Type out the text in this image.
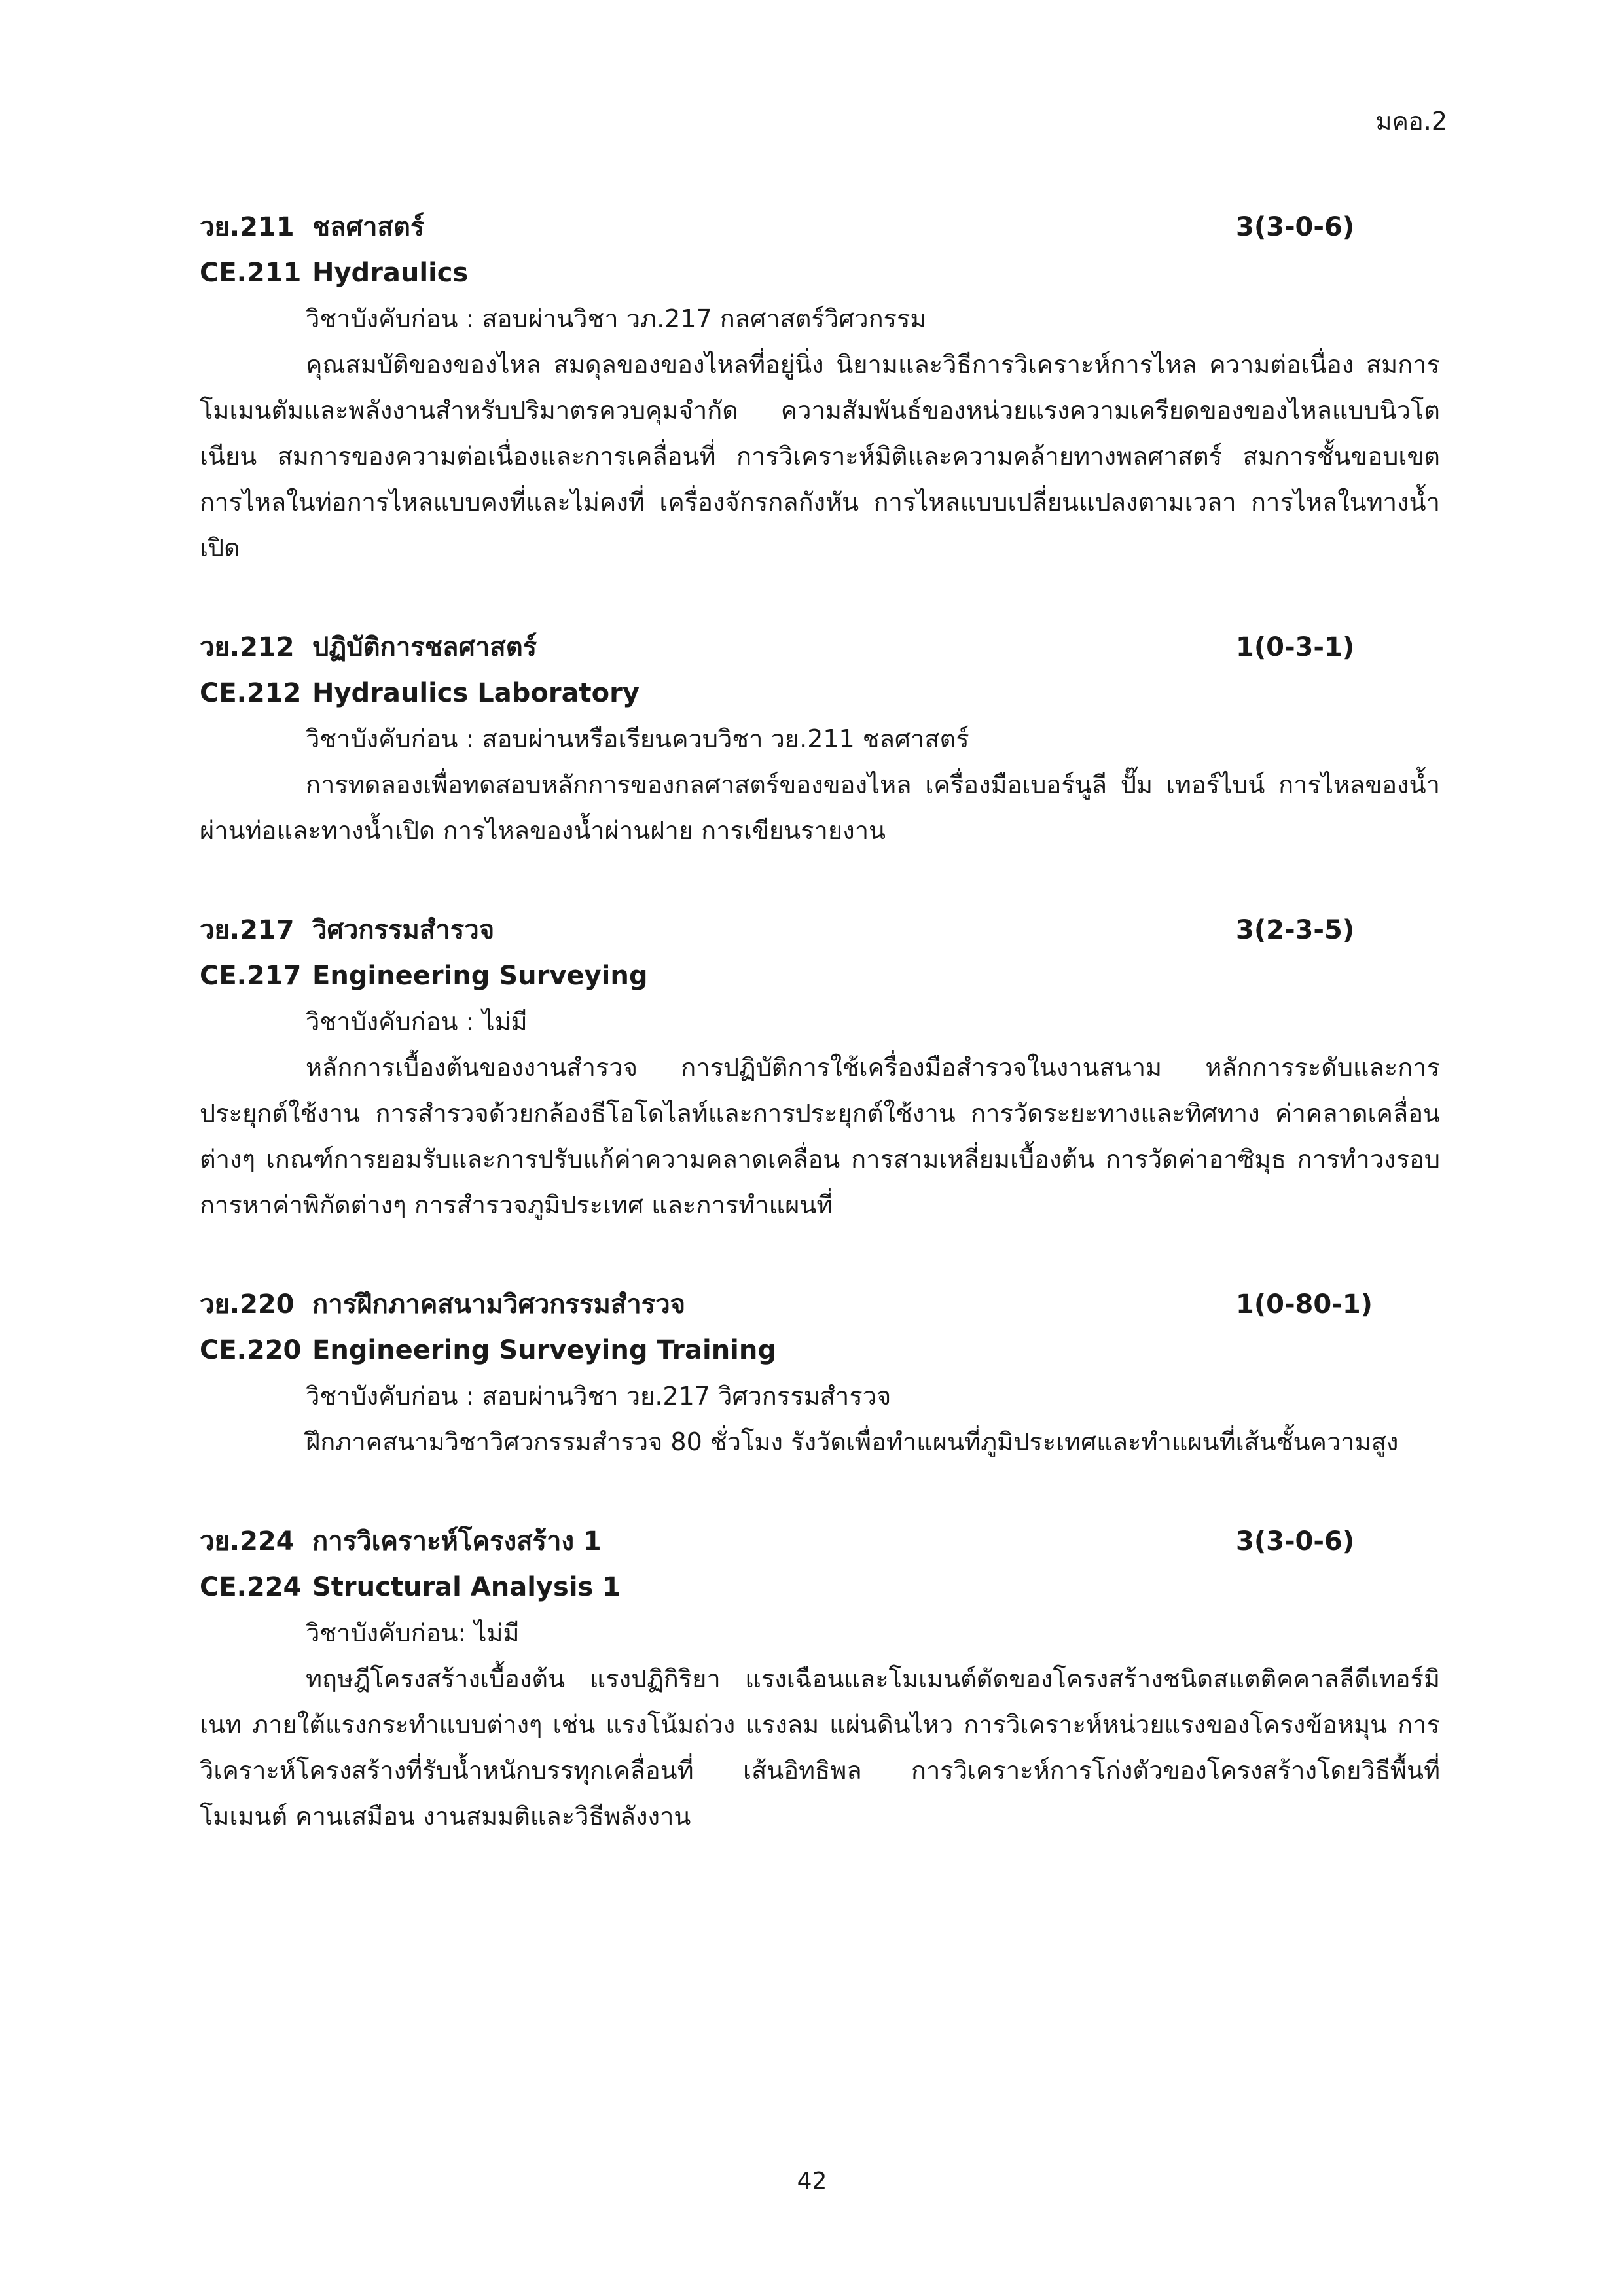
มคอ.2
วย.211 ชลศาสตร์	3(3-0-6)
CE.211 Hydraulics
วิชาบังคับก่อน : สอบผ่านวิชา วภ.217 กลศาสตร์วิศวกรรม
คุณสมบัติของของไหล สมดุลของของไหลที่อยู่นิ่ง นิยามและวิธีการวิเคราะห์การไหล ความต่อเนื่อง สมการโมเมนตัมและพลังงานสำหรับปริมาตรควบคุมจำกัด ความสัมพันธ์ของหน่วยแรงความเครียดของของไหลแบบนิวโตเนียน สมการของความต่อเนื่องและการเคลื่อนที่ การวิเคราะห์มิติและความคล้ายทางพลศาสตร์ สมการชั้นขอบเขต การไหลในท่อการไหลแบบคงที่และไม่คงที่ เครื่องจักรกลกังหัน การไหลแบบเปลี่ยนแปลงตามเวลา การไหลในทางน้ำเปิด
วย.212 ปฏิบัติการชลศาสตร์	1(0-3-1)
CE.212 Hydraulics Laboratory
วิชาบังคับก่อน : สอบผ่านหรือเรียนควบวิชา วย.211 ชลศาสตร์
การทดลองเพื่อทดสอบหลักการของกลศาสตร์ของของไหล เครื่องมือเบอร์นูลี ปั๊ม เทอร์ไบน์ การไหลของน้ำผ่านท่อและทางน้ำเปิด การไหลของน้ำผ่านฝาย การเขียนรายงาน
วย.217 วิศวกรรมสำรวจ	3(2-3-5)
CE.217 Engineering Surveying
วิชาบังคับก่อน : ไม่มี
หลักการเบื้องต้นของงานสำรวจ การปฏิบัติการใช้เครื่องมือสำรวจในงานสนาม หลักการระดับและการประยุกต์ใช้งาน การสำรวจด้วยกล้องธีโอโดไลท์และการประยุกต์ใช้งาน การวัดระยะทางและทิศทาง ค่าคลาดเคลื่อนต่างๆ เกณฑ์การยอมรับและการปรับแก้ค่าความคลาดเคลื่อน การสามเหลี่ยมเบื้องต้น การวัดค่าอาซิมุธ การทำวงรอบ การหาค่าพิกัดต่างๆ การสำรวจภูมิประเทศ และการทำแผนที่
วย.220 การฝึกภาคสนามวิศวกรรมสำรวจ	1(0-80-1)
CE.220 Engineering Surveying Training
วิชาบังคับก่อน : สอบผ่านวิชา วย.217 วิศวกรรมสำรวจ
ฝึกภาคสนามวิชาวิศวกรรมสำรวจ 80 ชั่วโมง รังวัดเพื่อทำแผนที่ภูมิประเทศและทำแผนที่เส้นชั้นความสูง
วย.224 การวิเคราะห์โครงสร้าง 1	3(3-0-6)
CE.224 Structural Analysis 1
วิชาบังคับก่อน: ไม่มี
ทฤษฎีโครงสร้างเบื้องต้น แรงปฏิกิริยา แรงเฉือนและโมเมนต์ดัดของโครงสร้างชนิดสแตติคคาลลีดีเทอร์มิเนท ภายใต้แรงกระทำแบบต่างๆ เช่น แรงโน้มถ่วง แรงลม แผ่นดินไหว การวิเคราะห์หน่วยแรงของโครงข้อหมุน การวิเคราะห์โครงสร้างที่รับน้ำหนักบรรทุกเคลื่อนที่ เส้นอิทธิพล การวิเคราะห์การโก่งตัวของโครงสร้างโดยวิธีพื้นที่โมเมนต์ คานเสมือน งานสมมติและวิธีพลังงาน
42
